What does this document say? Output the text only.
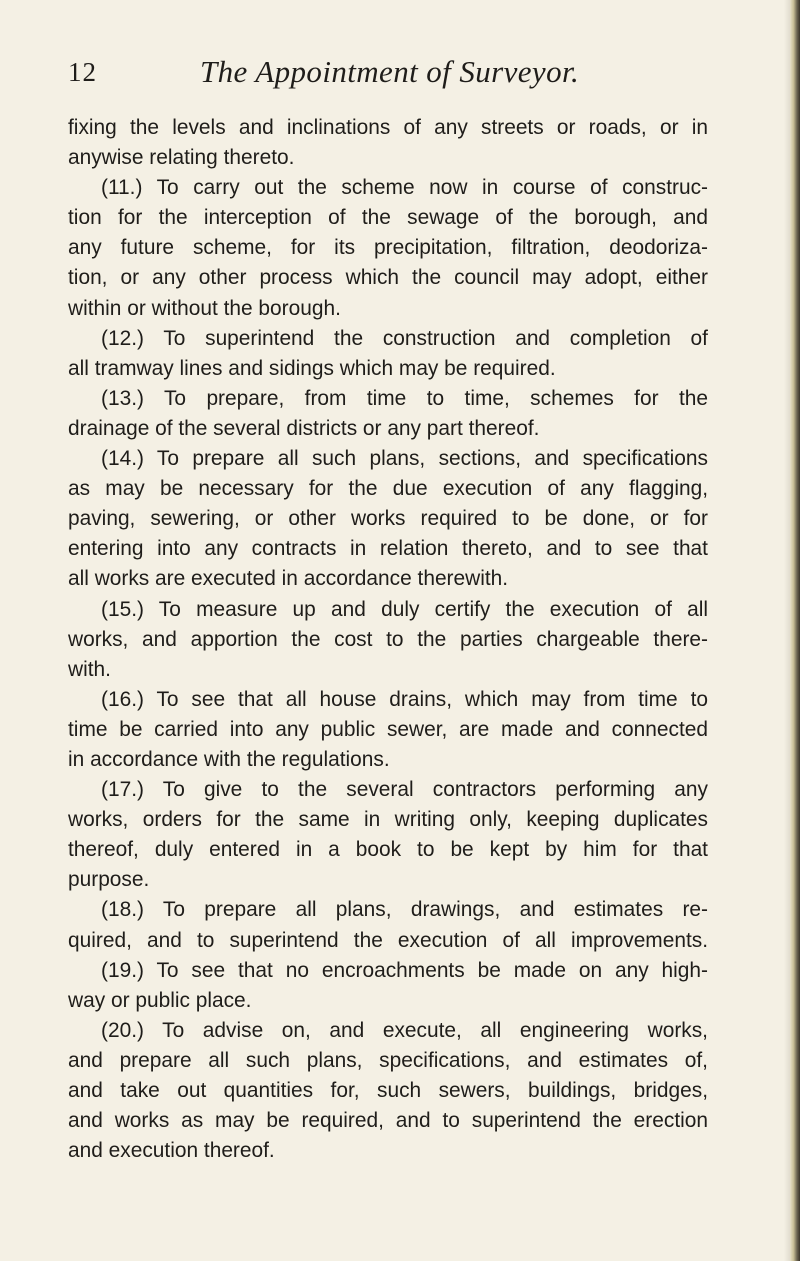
12	The Appointment of Surveyor.
fixing the levels and inclinations of any streets or roads, or in
anywise relating thereto.
(11.) To carry out the scheme now in course of construc-
tion for the interception of the sewage of the borough, and
any future scheme, for its precipitation, filtration, deodoriza-
tion, or any other process which the council may adopt, either
within or without the borough.
(12.) To superintend the construction and completion of
all tramway lines and sidings which may be required.
(13.) To prepare, from time to time, schemes for the
drainage of the several districts or any part thereof.
(14.) To prepare all such plans, sections, and specifications
as may be necessary for the due execution of any flagging,
paving, sewering, or other works required to be done, or for
entering into any contracts in relation thereto, and to see that
all works are executed in accordance therewith.
(15.) To measure up and duly certify the execution of all
works, and apportion the cost to the parties chargeable there-
with.
(16.) To see that all house drains, which may from time to
time be carried into any public sewer, are made and connected
in accordance with the regulations.
(17.) To give to the several contractors performing any
works, orders for the same in writing only, keeping duplicates
thereof, duly entered in a book to be kept by him for that
purpose.
(18.) To prepare all plans, drawings, and estimates re-
quired, and to superintend the execution of all improvements.
(19.) To see that no encroachments be made on any high-
way or public place.
(20.) To advise on, and execute, all engineering works,
and prepare all such plans, specifications, and estimates of,
and take out quantities for, such sewers, buildings, bridges,
and works as may be required, and to superintend the erection
and execution thereof.
